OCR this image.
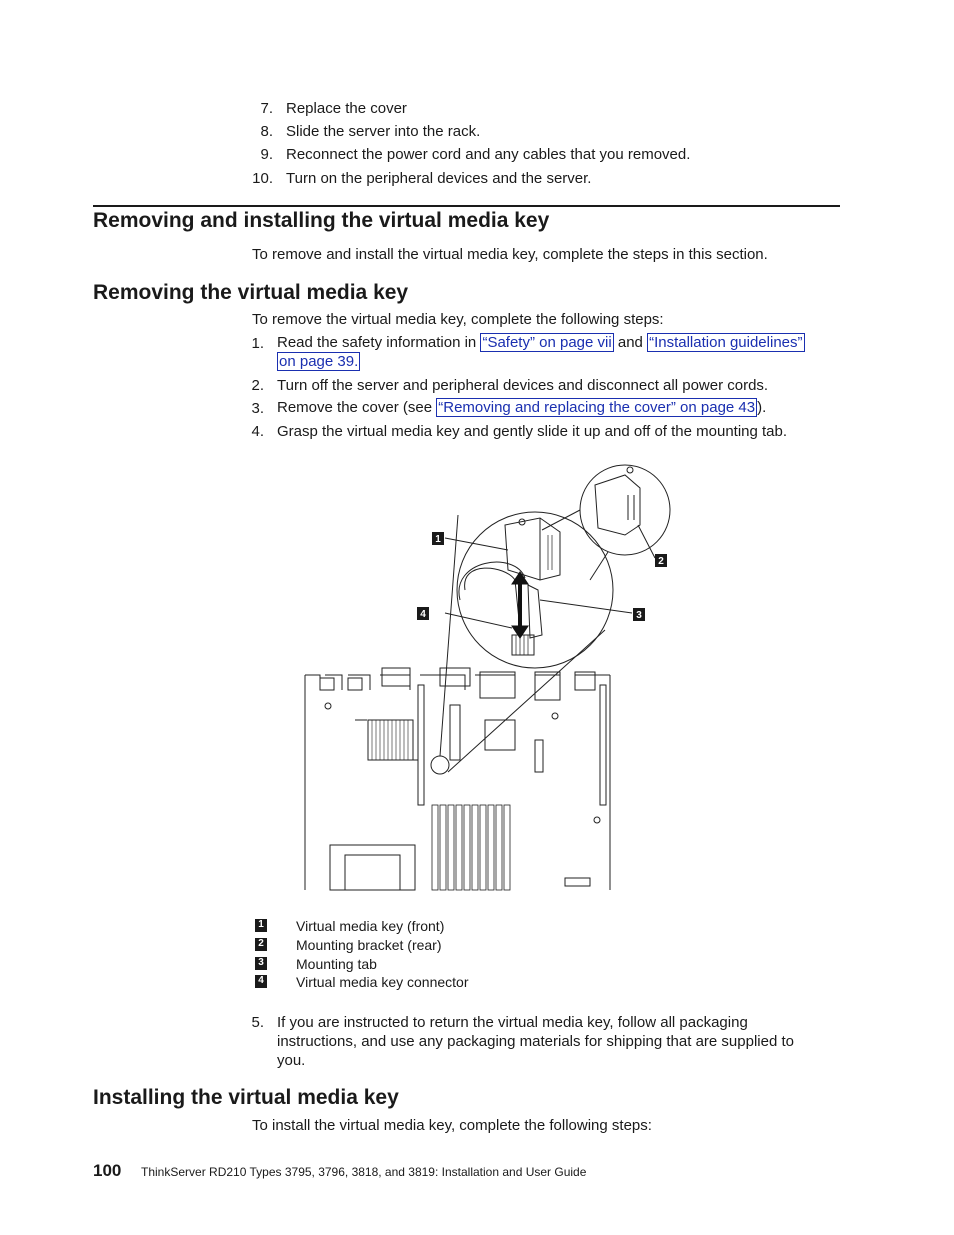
7. Replace the cover
8. Slide the server into the rack.
9. Reconnect the power cord and any cables that you removed.
10. Turn on the peripheral devices and the server.
Removing and installing the virtual media key
To remove and install the virtual media key, complete the steps in this section.
Removing the virtual media key
To remove the virtual media key, complete the following steps:
1. Read the safety information in “Safety” on page vii and “Installation guidelines”
on page 39.
2. Turn off the server and peripheral devices and disconnect all power cords.
3. Remove the cover (see “Removing and replacing the cover” on page 43 ).
4. Grasp the virtual media key and gently slide it up and off of the mounting tab.
1
2
3
4
1 Virtual media key (front)
2 Mounting bracket (rear)
3 Mounting tab
4 Virtual media key connector
5. If you are instructed to return the virtual media key, follow all packaging
instructions, and use any packaging materials for shipping that are supplied to
you.
Installing the virtual media key
To install the virtual media key, complete the following steps:
100 ThinkServer RD210 Types 3795, 3796, 3818, and 3819: Installation and User Guide
